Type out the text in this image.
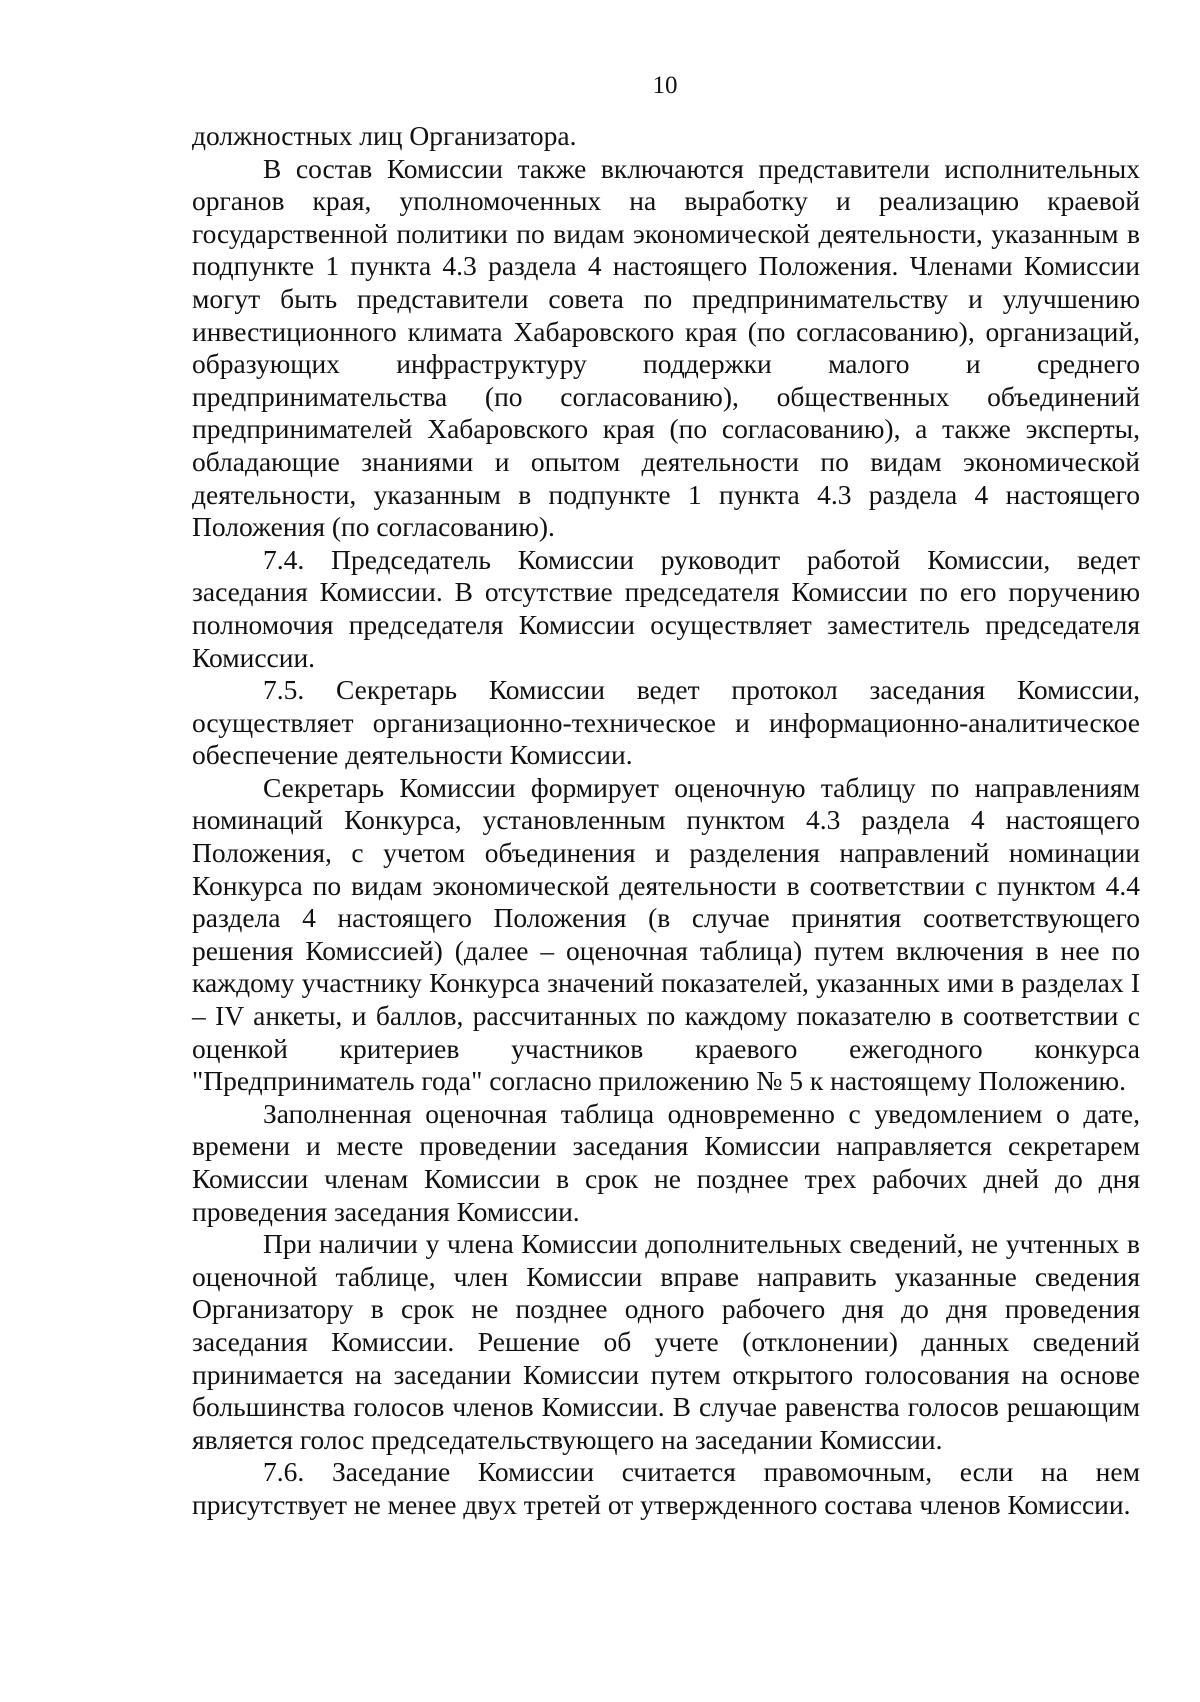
10

должностных лиц Организатора.

В состав Комиссии также включаются представители исполнительных органов края, уполномоченных на выработку и реализацию краевой государственной политики по видам экономической деятельности, указанным в подпункте 1 пункта 4.3 раздела 4 настоящего Положения. Членами Комиссии могут быть представители совета по предпринимательству и улучшению инвестиционного климата Хабаровского края (по согласованию), организаций, образующих инфраструктуру поддержки малого и среднего предпринимательства (по согласованию), общественных объединений предпринимателей Хабаровского края (по согласованию), а также эксперты, обладающие знаниями и опытом деятельности по видам экономической деятельности, указанным в подпункте 1 пункта 4.3 раздела 4 настоящего Положения (по согласованию).

7.4. Председатель Комиссии руководит работой Комиссии, ведет заседания Комиссии. В отсутствие председателя Комиссии по его поручению полномочия председателя Комиссии осуществляет заместитель председателя Комиссии.

7.5. Секретарь Комиссии ведет протокол заседания Комиссии, осуществляет организационно-техническое и информационно-аналитическое обеспечение деятельности Комиссии.

Секретарь Комиссии формирует оценочную таблицу по направлениям номинаций Конкурса, установленным пунктом 4.3 раздела 4 настоящего Положения, с учетом объединения и разделения направлений номинации Конкурса по видам экономической деятельности в соответствии с пунктом 4.4 раздела 4 настоящего Положения (в случае принятия соответствующего решения Комиссией) (далее – оценочная таблица) путем включения в нее по каждому участнику Конкурса значений показателей, указанных ими в разделах I – IV анкеты, и баллов, рассчитанных по каждому показателю в соответствии с оценкой критериев участников краевого ежегодного конкурса "Предприниматель года" согласно приложению № 5 к настоящему Положению.

Заполненная оценочная таблица одновременно с уведомлением о дате, времени и месте проведении заседания Комиссии направляется секретарем Комиссии членам Комиссии в срок не позднее трех рабочих дней до дня проведения заседания Комиссии.

При наличии у члена Комиссии дополнительных сведений, не учтенных в оценочной таблице, член Комиссии вправе направить указанные сведения Организатору в срок не позднее одного рабочего дня до дня проведения заседания Комиссии. Решение об учете (отклонении) данных сведений принимается на заседании Комиссии путем открытого голосования на основе большинства голосов членов Комиссии. В случае равенства голосов решающим является голос председательствующего на заседании Комиссии.

7.6. Заседание Комиссии считается правомочным, если на нем присутствует не менее двух третей от утвержденного состава членов Комиссии.
